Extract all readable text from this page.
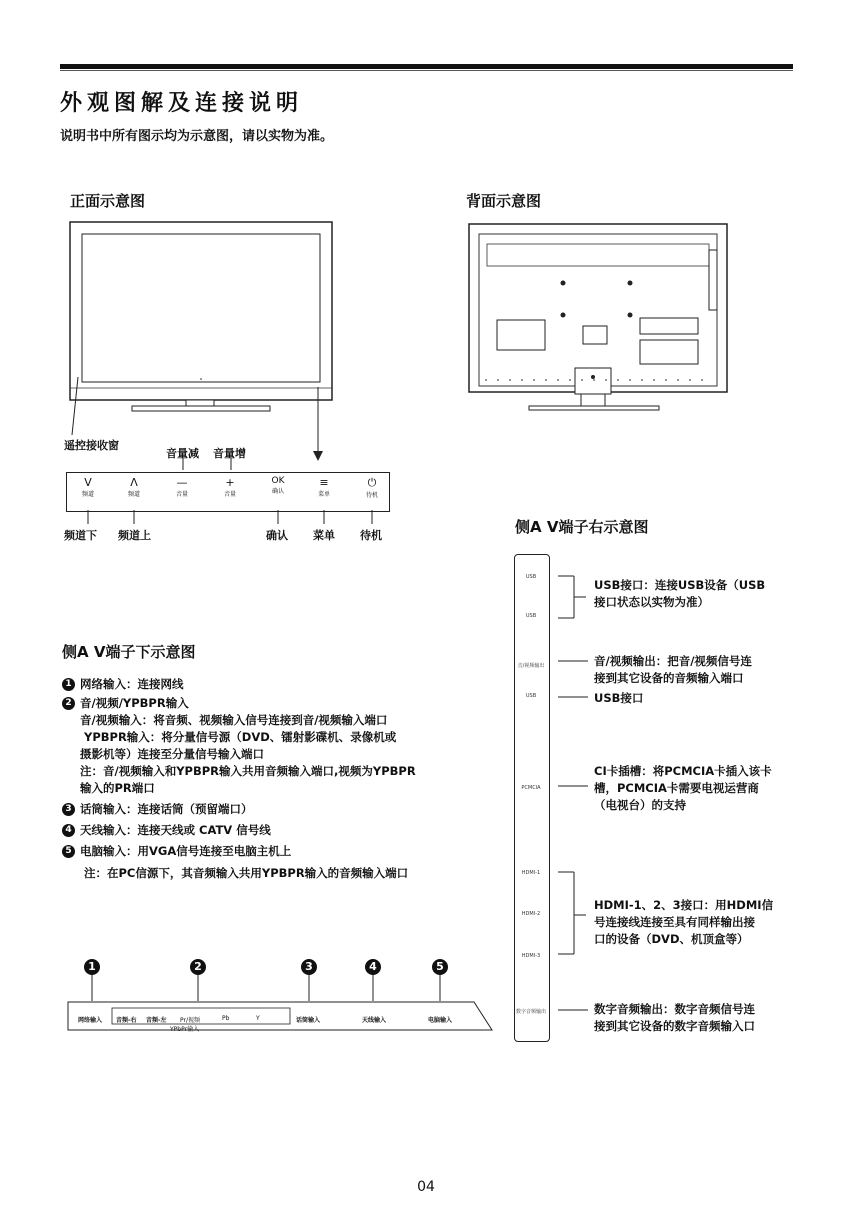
外观图解及连接说明
说明书中所有图示均为示意图，请以实物为准。
正面示意图
遥控接收窗
音量减 音量增
V
频道
Λ
频道
—
音量
+
音量
OK
确认
≡
菜单
⏻
待机
频道下 频道上	确认 菜单 待机
背面示意图
侧A V端子右示意图
USB
USB
音/视频输出
USB
PCMCIA
HDMI-1
HDMI-2
HDMI-3
数字音频输出
USB接口：连接USB设备（USB
接口状态以实物为准）
音/视频输出：把音/视频信号连
接到其它设备的音频输入端口
USB接口
CI卡插槽：将PCMCIA卡插入该卡
槽，PCMCIA卡需要电视运营商
（电视台）的支持
HDMI-1、2、3接口：用HDMI信
号连接线连接至具有同样输出接
口的设备（DVD、机顶盒等）
数字音频输出：数字音频信号连
接到其它设备的数字音频输入口
侧A V端子下示意图
1 网络输入：连接网线
2 音/视频/YPBPR输入
音/视频输入：将音频、视频输入信号连接到音/视频输入端口
YPBPR输入：将分量信号源（DVD、镭射影碟机、录像机或
摄影机等）连接至分量信号输入端口
注：音/视频输入和YPBPR输入共用音频输入端口,视频为YPBPR
输入的PR端口
3 话筒输入：连接话筒（预留端口）
4 天线输入：连接天线或 CATV 信号线
5 电脑输入：用VGA信号连接至电脑主机上
注：在PC信源下，其音频输入共用YPBPR输入的音频输入端口
1	2	3	4	5
网络输入 音频-右 音频-左 Pr/视频	Pb	Y
YPbPr输入
话筒输入	天线输入	电脑输入
04
